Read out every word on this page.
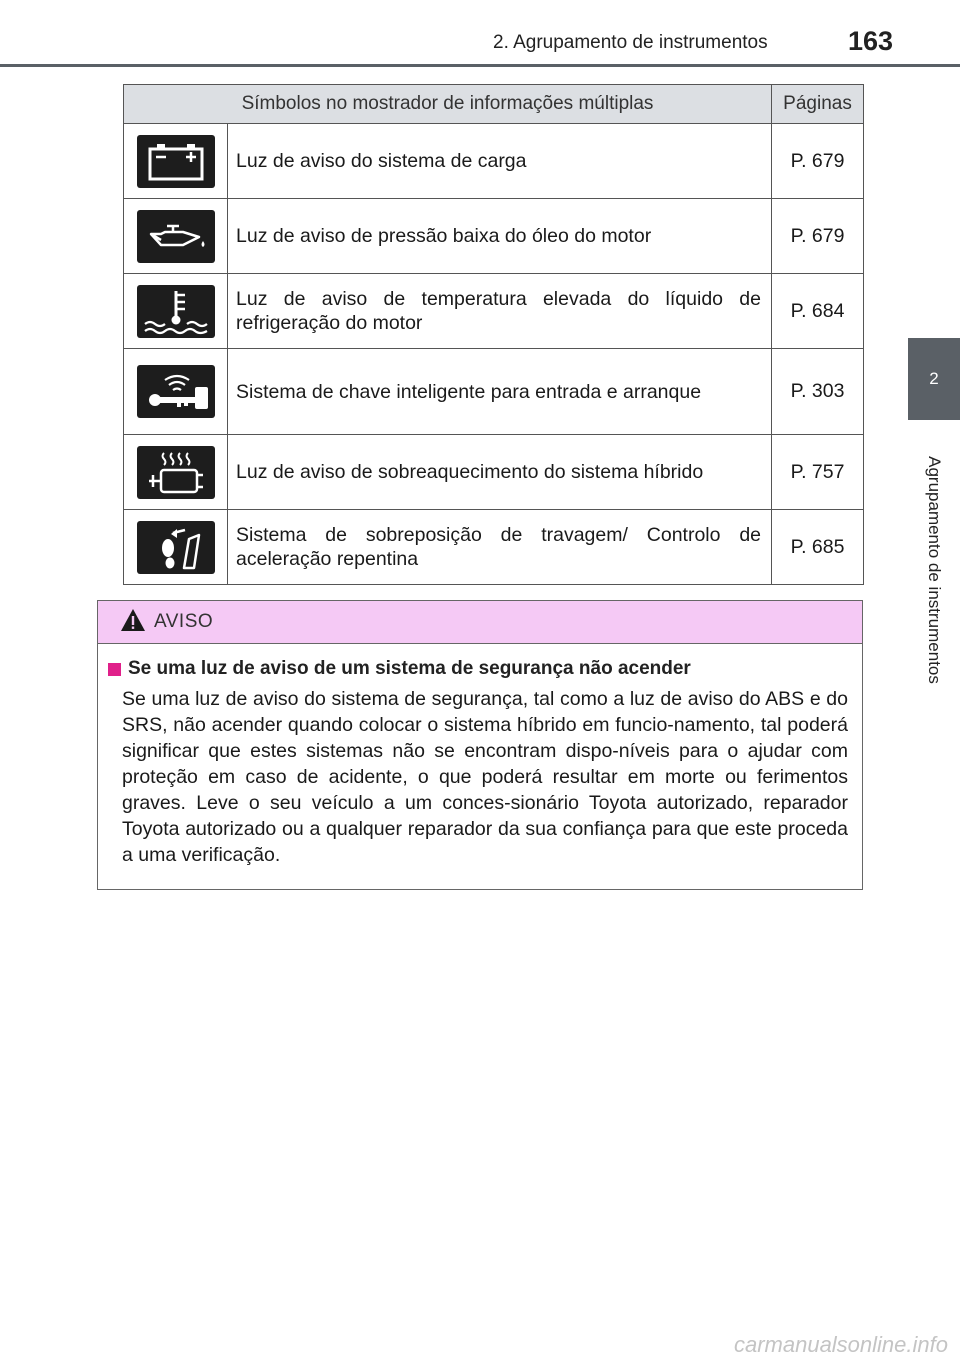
2. Agrupamento de instrumentos	163
2
Agrupamento de instrumentos
Símbolos no mostrador de informações múltiplas		Páginas

	Luz de aviso do sistema de carga	P. 679

	Luz de aviso de pressão baixa do óleo do motor	P. 679

	Luz de aviso de temperatura elevada do líquido de refrigeração do motor	P. 684

	Sistema de chave inteligente para entrada e arranque	P. 303

	Luz de aviso de sobreaquecimento do sistema híbrido	P. 757

	Sistema de sobreposição de travagem/ Controlo de aceleração repentina	P. 685
AVISO
Se uma luz de aviso de um sistema de segurança não acender

Se uma luz de aviso do sistema de segurança, tal como a luz de aviso do ABS e do SRS, não acender quando colocar o sistema híbrido em funcio-namento, tal poderá significar que estes sistemas não se encontram dispo-níveis para o ajudar com proteção em caso de acidente, o que poderá resultar em morte ou ferimentos graves. Leve o seu veículo a um conces-sionário Toyota autorizado, reparador Toyota autorizado ou a qualquer reparador da sua confiança para que este proceda a uma verificação.

carmanualsonline.info
